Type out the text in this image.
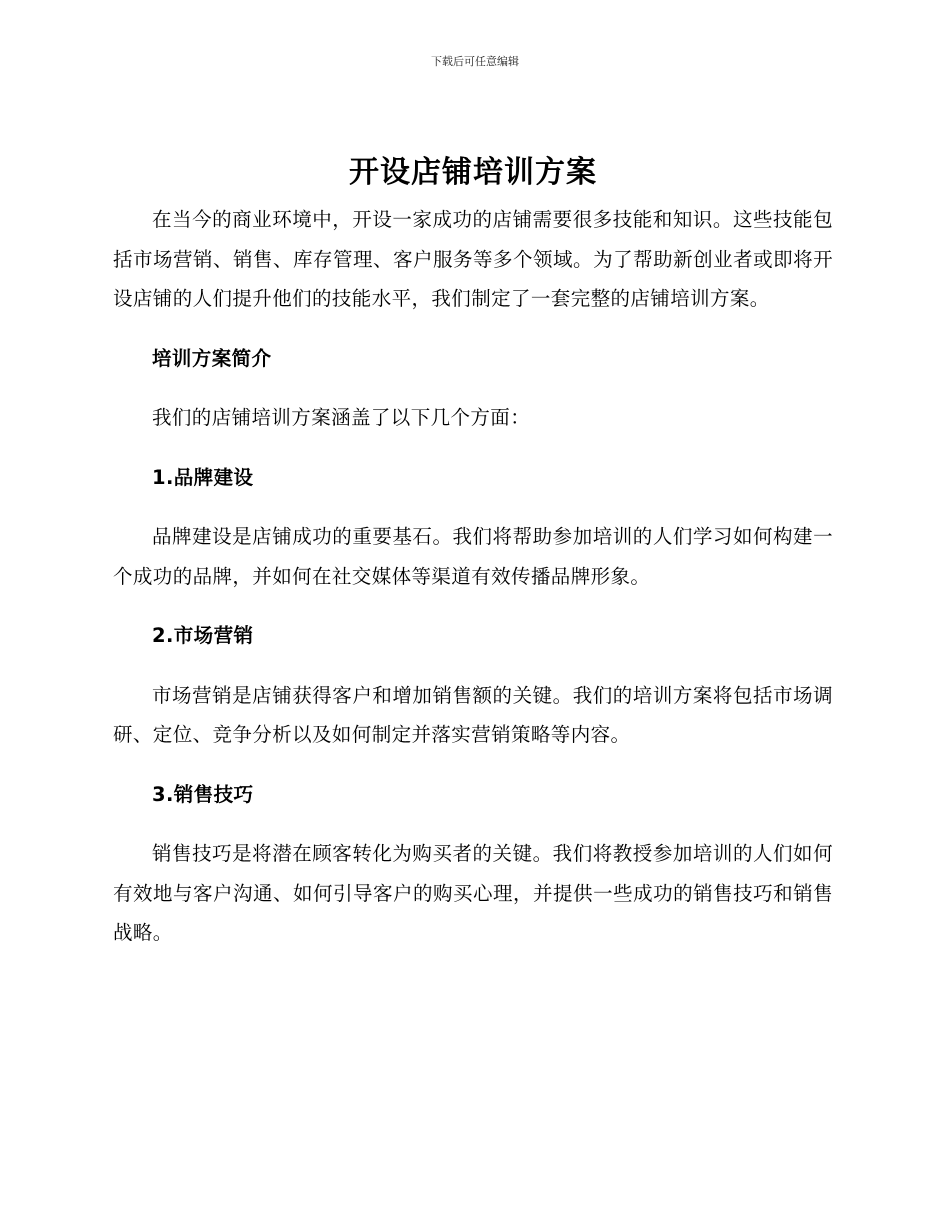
下载后可任意编辑
开设店铺培训方案

在当今的商业环境中，开设一家成功的店铺需要很多技能和知识。这些技能包括市场营销、销售、库存管理、客户服务等多个领域。为了帮助新创业者或即将开设店铺的人们提升他们的技能水平，我们制定了一套完整的店铺培训方案。

培训方案简介

我们的店铺培训方案涵盖了以下几个方面：

1.品牌建设

品牌建设是店铺成功的重要基石。我们将帮助参加培训的人们学习如何构建一个成功的品牌，并如何在社交媒体等渠道有效传播品牌形象。

2.市场营销

市场营销是店铺获得客户和增加销售额的关键。我们的培训方案将包括市场调研、定位、竞争分析以及如何制定并落实营销策略等内容。

3.销售技巧

销售技巧是将潜在顾客转化为购买者的关键。我们将教授参加培训的人们如何有效地与客户沟通、如何引导客户的购买心理，并提供一些成功的销售技巧和销售战略。
